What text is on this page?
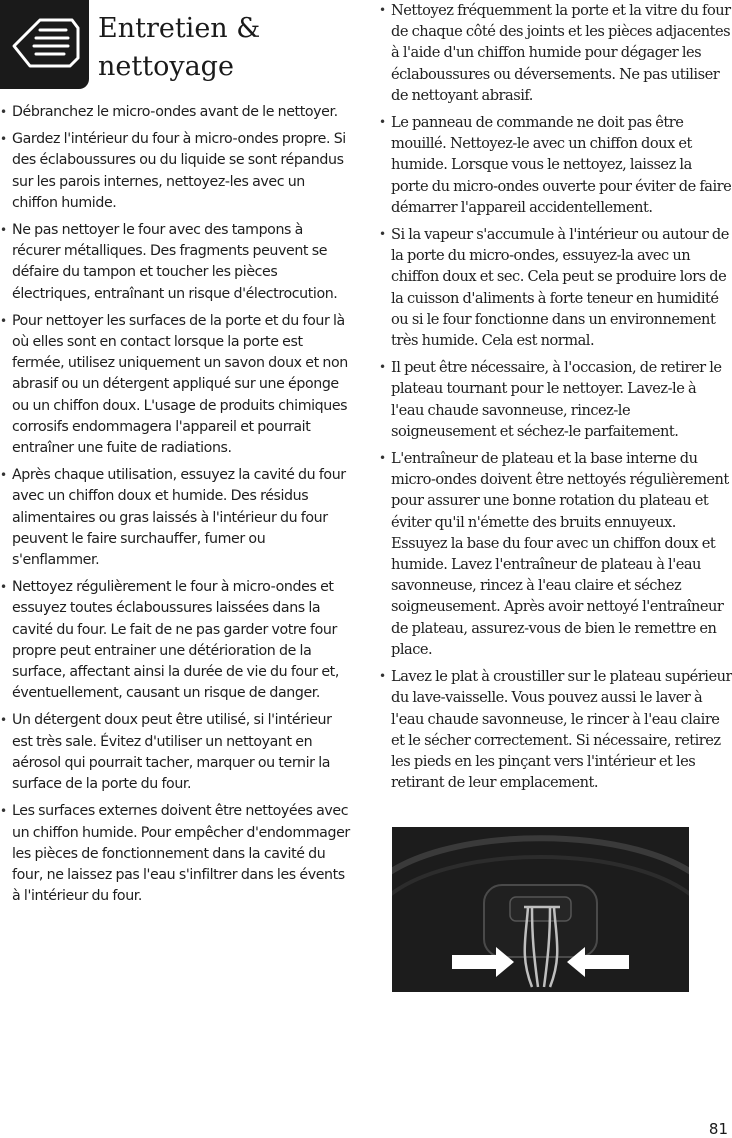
Entretien & nettoyage
• Débranchez le micro-ondes avant de le nettoyer.
• Gardez l'intérieur du four à micro-ondes propre. Si des éclaboussures ou du liquide se sont répandus sur les parois internes, nettoyez-les avec un chiffon humide.
• Ne pas nettoyer le four avec des tampons à récurer métalliques. Des fragments peuvent se défaire du tampon et toucher les pièces électriques, entraînant un risque d'électrocution.
• Pour nettoyer les surfaces de la porte et du four là où elles sont en contact lorsque la porte est fermée, utilisez uniquement un savon doux et non abrasif ou un détergent appliqué sur une éponge ou un chiffon doux. L'usage de produits chimiques corrosifs endommagera l'appareil et pourrait entraîner une fuite de radiations.
• Après chaque utilisation, essuyez la cavité du four avec un chiffon doux et humide. Des résidus alimentaires ou gras laissés à l'intérieur du four peuvent le faire surchauffer, fumer ou s'enflammer.
• Nettoyez régulièrement le four à micro-ondes et essuyez toutes éclaboussures laissées dans la cavité du four. Le fait de ne pas garder votre four propre peut entrainer une détérioration de la surface, affectant ainsi la durée de vie du four et, éventuellement, causant un risque de danger.
• Un détergent doux peut être utilisé, si l'intérieur est très sale. Évitez d'utiliser un nettoyant en aérosol qui pourrait tacher, marquer ou ternir la surface de la porte du four.
• Les surfaces externes doivent être nettoyées avec un chiffon humide. Pour empêcher d'endommager les pièces de fonctionnement dans la cavité du four, ne laissez pas l'eau s'infiltrer dans les évents à l'intérieur du four.
• Nettoyez fréquemment la porte et la vitre du four de chaque côté des joints et les pièces adjacentes à l'aide d'un chiffon humide pour dégager les éclaboussures ou déversements. Ne pas utiliser de nettoyant abrasif.
• Le panneau de commande ne doit pas être mouillé. Nettoyez-le avec un chiffon doux et humide. Lorsque vous le nettoyez, laissez la porte du micro-ondes ouverte pour éviter de faire démarrer l'appareil accidentellement.
• Si la vapeur s'accumule à l'intérieur ou autour de la porte du micro-ondes, essuyez-la avec un chiffon doux et sec. Cela peut se produire lors de la cuisson d'aliments à forte teneur en humidité ou si le four fonctionne dans un environnement très humide. Cela est normal.
• Il peut être nécessaire, à l'occasion, de retirer le plateau tournant pour le nettoyer. Lavez-le à l'eau chaude savonneuse, rincez-le soigneusement et séchez-le parfaitement.
• L'entraîneur de plateau et la base interne du micro-ondes doivent être nettoyés régulièrement pour assurer une bonne rotation du plateau et éviter qu'il n'émette des bruits ennuyeux. Essuyez la base du four avec un chiffon doux et humide. Lavez l'entraîneur de plateau à l'eau savonneuse, rincez à l'eau claire et séchez soigneusement. Après avoir nettoyé l'entraîneur de plateau, assurez-vous de bien le remettre en place.
• Lavez le plat à croustiller sur le plateau supérieur du lave-vaisselle. Vous pouvez aussi le laver à l'eau chaude savonneuse, le rincer à l'eau claire et le sécher correctement. Si nécessaire, retirez les pieds en les pinçant vers l'intérieur et les retirant de leur emplacement.
81
